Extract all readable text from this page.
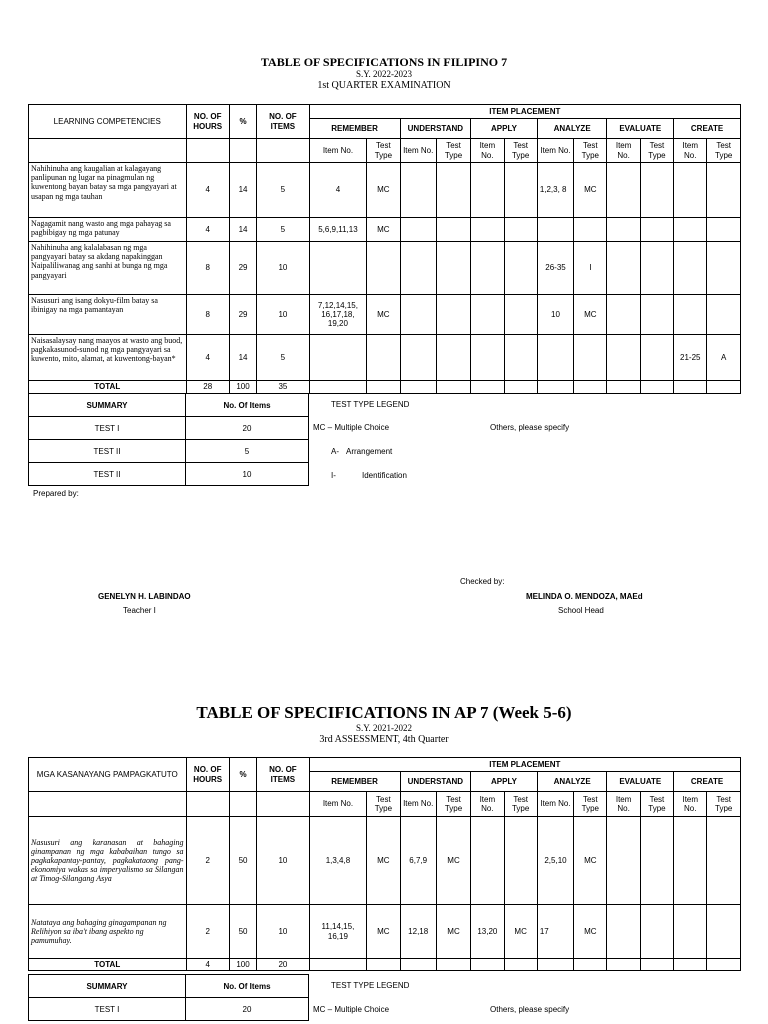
TABLE OF SPECIFICATIONS IN FILIPINO 7
S.Y. 2022-2023
1st QUARTER EXAMINATION
LEARNING COMPETENCIES	NO. OF HOURS	%	NO. OF ITEMS	ITEM PLACEMENT											
				REMEMBER		UNDERSTAND		APPLY		ANALYZE		EVALUATE		CREATE	
				Item No.	Test Type	Item No.	Test Type	Item No.	Test Type	Item No.	Test Type	Item No.	Test Type	Item No.	Test Type
Nahihinuha ang kaugalian at kalagayang panlipunan ng lugar na pinagmulan ng kuwentong bayan batay sa mga pangyayari at usapan ng mga tauhan	4	14	5	4	MC					1,2,3, 8	MC				
Nagagamit nang wasto ang mga pahayag sa pagbibigay ng mga patunay	4	14	5	5,6,9,11,13	MC										
Nahihinuha ang kalalabasan ng mga pangyayari batay sa akdang napakinggan Naipaliliwanag ang sanhi at bunga ng mga pangyayari	8	29	10							26-35	I				
Nasusuri ang isang dokyu-film batay sa ibinigay na mga pamantayan	8	29	10	7,12,14,15, 16,17,18, 19,20	MC					10	MC				
Naisasalaysay nang maayos at wasto ang buod, pagkakasunod-sunod ng mga pangyayari sa kuwento, mito, alamat, at kuwentong-bayan*	4	14	5											21-25	A
TOTAL	28	100	35												
SUMMARY	No. Of Items
TEST I	20
TEST II	5
TEST II	10
TEST TYPE LEGEND
MC – Multiple Choice	Others, please specify
A- Arrangement
I-	Identification
Prepared by:
Checked by:
GENELYN H. LABINDAO
Teacher I
MELINDA O. MENDOZA, MAEd
School Head
TABLE OF SPECIFICATIONS IN AP 7 (Week 5-6)
S.Y. 2021-2022
3rd ASSESSMENT, 4th Quarter
MGA KASANAYANG PAMPAGKATUTO	NO. OF HOURS	%	NO. OF ITEMS	ITEM PLACEMENT											
				REMEMBER		UNDERSTAND		APPLY		ANALYZE		EVALUATE		CREATE	
				Item No.	Test Type	Item No.	Test Type	Item No.	Test Type	Item No.	Test Type	Item No.	Test Type	Item No.	Test Type
Nasusuri ang karanasan at bahaging ginampanan ng mga kababaihan tungo sa pagkakapantay-pantay, pagkakataong pang-ekonomiya wakas sa imperyalismo sa Silangan at Timog-Silangang Asya	2	50	10	1,3,4,8	MC	6,7,9	MC			2,5,10	MC				
Natataya ang bahaging ginagampanan ng Relihiyon sa iba't ibang aspekto ng pamumuhay.	2	50	10	11,14,15, 16,19	MC	12,18	MC	13,20	MC	17	MC				
TOTAL	4	100	20												
SUMMARY	No. Of Items
TEST I	20
TEST TYPE LEGEND
MC – Multiple Choice	Others, please specify
